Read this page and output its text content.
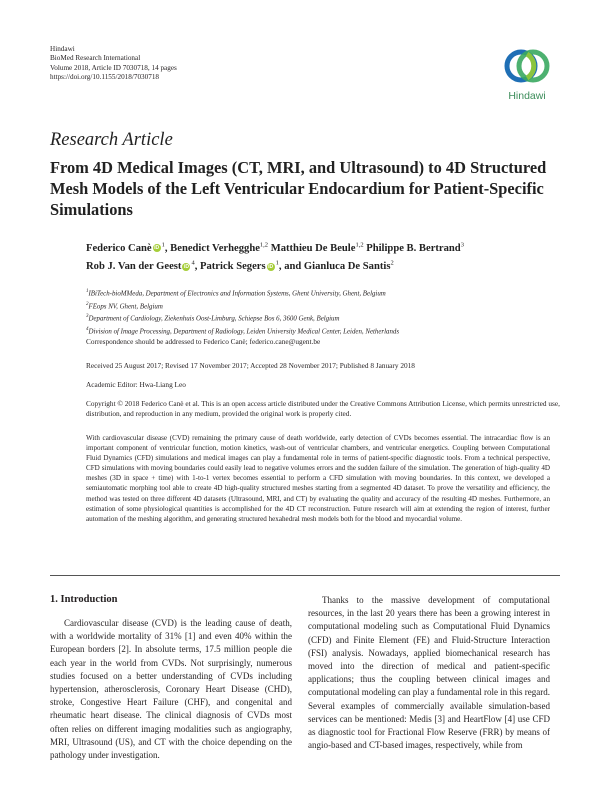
Hindawi
BioMed Research International
Volume 2018, Article ID 7030718, 14 pages
https://doi.org/10.1155/2018/7030718
Hindawi
Research Article
From 4D Medical Images (CT, MRI, and Ultrasound) to 4D Structured Mesh Models of the Left Ventricular Endocardium for Patient-Specific Simulations
Federico Canè $iD^1$, Benedict Verhegghe$^{1,2}$ Matthieu De Beule$^{1,2}$ Philippe B. Bertrand$^3$
Rob J. Van der Geest $iD^4$, Patrick Segers $iD^1$, and Gianluca De Santis$^2$
$^1$IBiTech-bioMMeda, Department of Electronics and Information Systems, Ghent University, Ghent, Belgium
$^2$FEops NV, Ghent, Belgium
$^3$Department of Cardiology, Ziekenhuis Oost-Limburg, Schiepse Bos 6, 3600 Genk, Belgium
$^4$Division of Image Processing, Department of Radiology, Leiden University Medical Center, Leiden, Netherlands
Correspondence should be addressed to Federico Canè; federico.cane@ugent.be
Received 25 August 2017; Revised 17 November 2017; Accepted 28 November 2017; Published 8 January 2018
Academic Editor: Hwa-Liang Leo
Copyright © 2018 Federico Canè et al. This is an open access article distributed under the Creative Commons Attribution License, which permits unrestricted use, distribution, and reproduction in any medium, provided the original work is properly cited.
With cardiovascular disease (CVD) remaining the primary cause of death worldwide, early detection of CVDs becomes essential. The intracardiac flow is an important component of ventricular function, motion kinetics, wash-out of ventricular chambers, and ventricular energetics. Coupling between Computational Fluid Dynamics (CFD) simulations and medical images can play a fundamental role in terms of patient-specific diagnostic tools. From a technical perspective, CFD simulations with moving boundaries could easily lead to negative volumes errors and the sudden failure of the simulation. The generation of high-quality 4D meshes (3D in space + time) with 1-to-1 vertex becomes essential to perform a CFD simulation with moving boundaries. In this context, we developed a semiautomatic morphing tool able to create 4D high-quality structured meshes starting from a segmented 4D dataset. To prove the versatility and efficiency, the method was tested on three different 4D datasets (Ultrasound, MRI, and CT) by evaluating the quality and accuracy of the resulting 4D meshes. Furthermore, an estimation of some physiological quantities is accomplished for the 4D CT reconstruction. Future research will aim at extending the region of interest, further automation of the meshing algorithm, and generating structured hexahedral mesh models both for the blood and myocardial volume.
1. Introduction
Cardiovascular disease (CVD) is the leading cause of death, with a worldwide mortality of 31% [1] and even 40% within the European borders [2]. In absolute terms, 17.5 million people die each year in the world from CVDs. Not surprisingly, numerous studies focused on a better understanding of CVDs including hypertension, atherosclerosis, Coronary Heart Disease (CHD), stroke, Congestive Heart Failure (CHF), and congenital and rheumatic heart disease. The clinical diagnosis of CVDs most often relies on different imaging modalities such as angiography, MRI, Ultrasound (US), and CT with the choice depending on the pathology under investigation.
Thanks to the massive development of computational resources, in the last 20 years there has been a growing interest in computational modeling such as Computational Fluid Dynamics (CFD) and Finite Element (FE) and Fluid-Structure Interaction (FSI) analysis. Nowadays, applied biomechanical research has moved into the direction of medical and patient-specific applications; thus the coupling between clinical images and computational modeling can play a fundamental role in this regard. Several examples of commercially available simulation-based services can be mentioned: Medis [3] and HeartFlow [4] use CFD as diagnostic tool for Fractional Flow Reserve (FRR) by means of angio-based and CT-based images, respectively, while from
